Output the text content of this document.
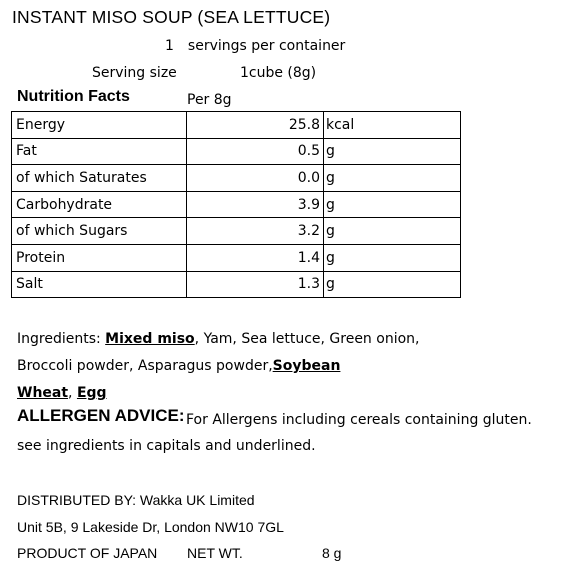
INSTANT MISO SOUP (SEA LETTUCE)
1 servings per container
Serving size	1cube (8g)
Nutrition Facts	Per 8g
Energy	25.8	kcal
Fat	0.5	g
of which Saturates	0.0	g
Carbohydrate	3.9	g
of which Sugars	3.2	g
Protein	1.4	g
Salt	1.3	g
Ingredients: Mixed miso, Yam, Sea lettuce, Green onion,
Broccoli powder, Asparagus powder,Soybean
Wheat, Egg
ALLERGEN ADVICE: For Allergens including cereals containing gluten.
see ingredients in capitals and underlined.
DISTRIBUTED BY: Wakka UK Limited
Unit 5B, 9 Lakeside Dr, London NW10 7GL
PRODUCT OF JAPAN NET WT.	8 g
